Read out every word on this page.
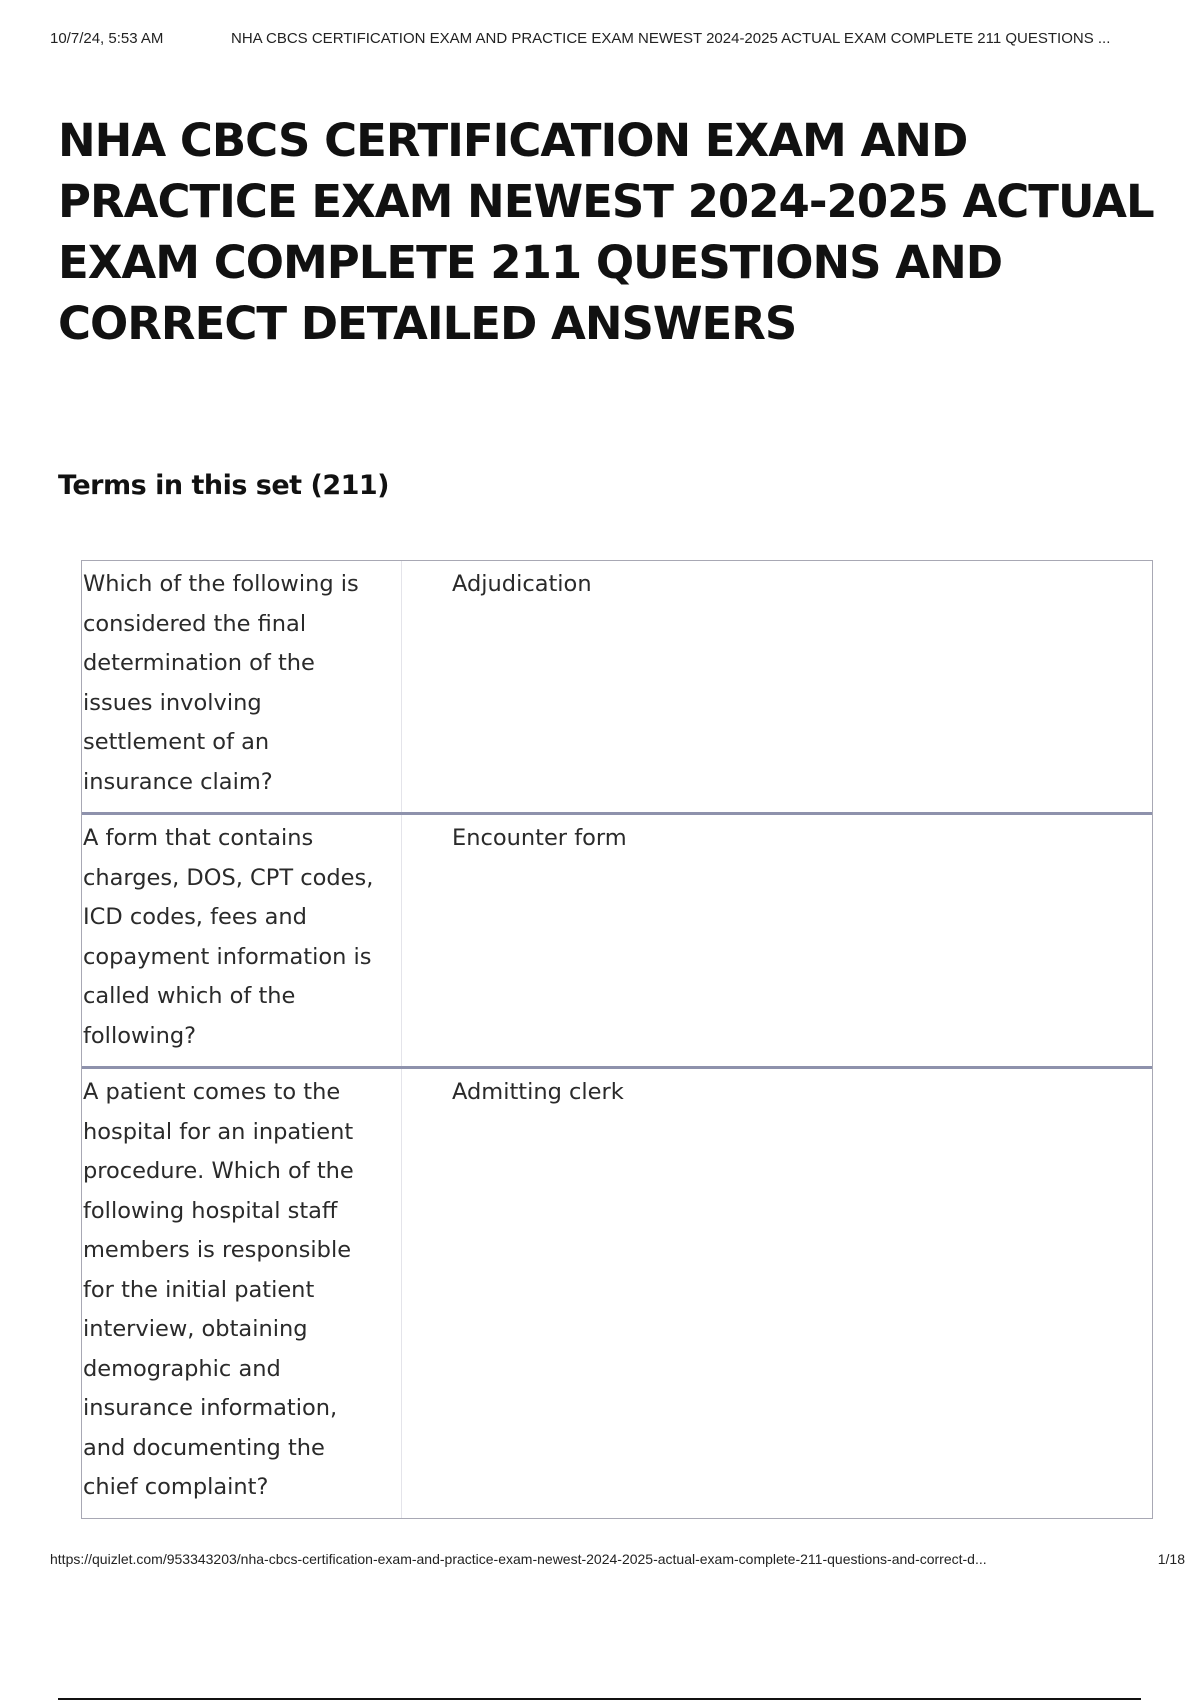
10/7/24, 5:53 AM	NHA CBCS CERTIFICATION EXAM AND PRACTICE EXAM NEWEST 2024-2025 ACTUAL EXAM COMPLETE 211 QUESTIONS ...
NHA CBCS CERTIFICATION EXAM AND PRACTICE EXAM NEWEST 2024-2025 ACTUAL EXAM COMPLETE 211 QUESTIONS AND CORRECT DETAILED ANSWERS
Terms in this set (211)
Which of the following is considered the final determination of the issues involving settlement of an insurance claim?
Adjudication
A form that contains charges, DOS, CPT codes, ICD codes, fees and copayment information is called which of the following?
Encounter form
A patient comes to the hospital for an inpatient procedure. Which of the following hospital staff members is responsible for the initial patient interview, obtaining demographic and insurance information, and documenting the chief complaint?
Admitting clerk
https://quizlet.com/953343203/nha-cbcs-certification-exam-and-practice-exam-newest-2024-2025-actual-exam-complete-211-questions-and-correct-d...	1/18
